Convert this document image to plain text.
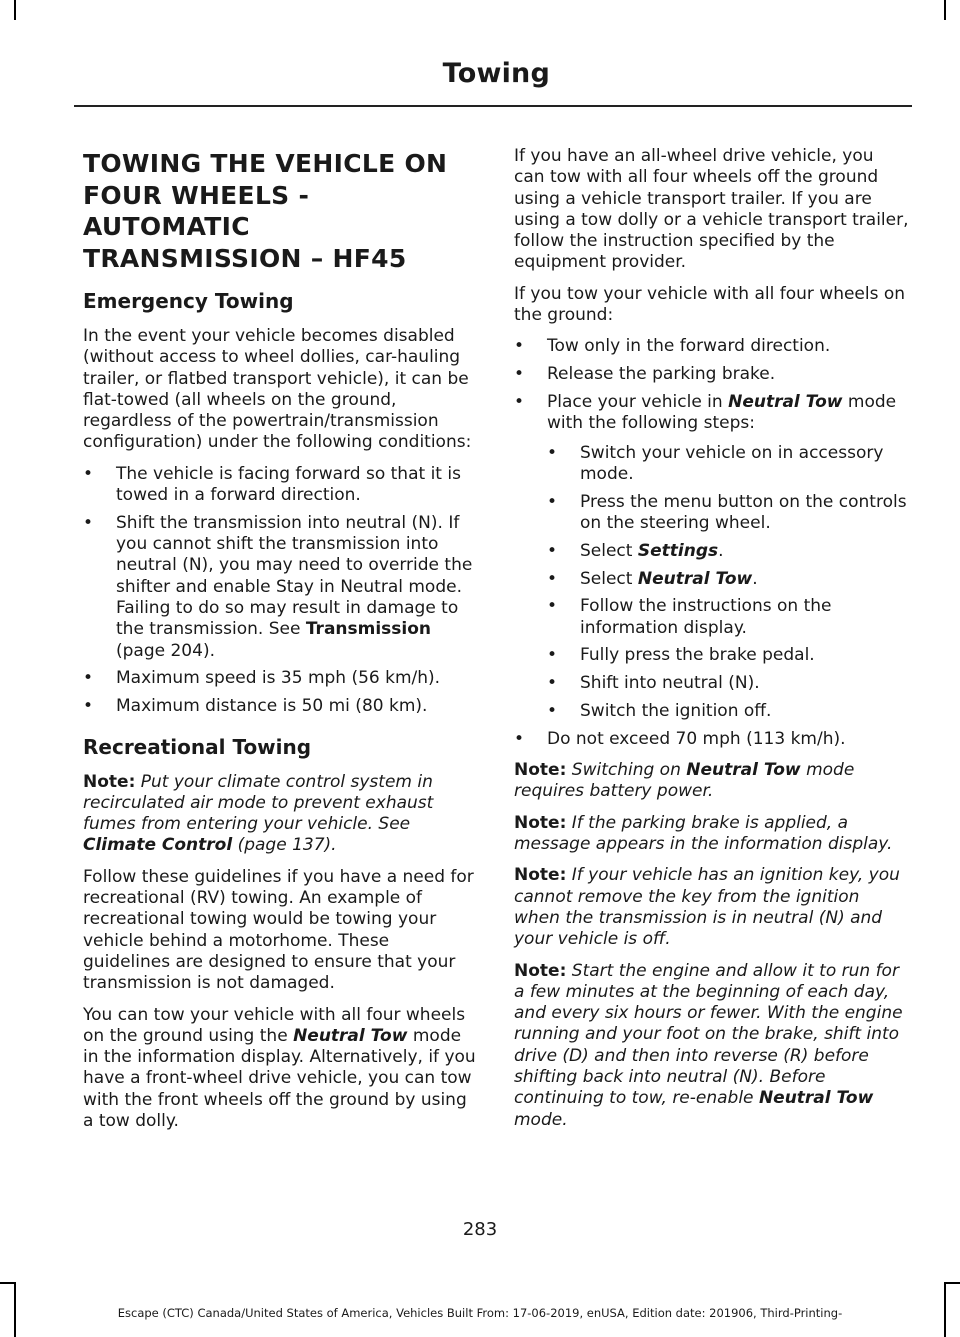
Towing
TOWING THE VEHICLE ON
FOUR WHEELS - AUTOMATIC
TRANSMISSION – HF45
Emergency Towing

In the event your vehicle becomes disabled (without access to wheel dollies, car-hauling trailer, or flatbed transport vehicle), it can be flat-towed (all wheels on the ground, regardless of the powertrain/transmission configuration) under the following conditions:

• The vehicle is facing forward so that it is towed in a forward direction.
• Shift the transmission into neutral (N). If you cannot shift the transmission into neutral (N), you may need to override the shifter and enable Stay in Neutral mode. Failing to do so may result in damage to the transmission. See Transmission (page 204).
• Maximum speed is 35 mph (56 km/h).
• Maximum distance is 50 mi (80 km).
Recreational Towing

Note: Put your climate control system in recirculated air mode to prevent exhaust fumes from entering your vehicle. See Climate Control (page 137).

Follow these guidelines if you have a need for recreational (RV) towing. An example of recreational towing would be towing your vehicle behind a motorhome. These guidelines are designed to ensure that your transmission is not damaged.

You can tow your vehicle with all four wheels on the ground using the Neutral Tow mode in the information display. Alternatively, if you have a front-wheel drive vehicle, you can tow with the front wheels off the ground by using a tow dolly.

If you have an all-wheel drive vehicle, you can tow with all four wheels off the ground using a vehicle transport trailer. If you are using a tow dolly or a vehicle transport trailer, follow the instruction specified by the equipment provider.

If you tow your vehicle with all four wheels on the ground:

• Tow only in the forward direction.
• Release the parking brake.
• Place your vehicle in Neutral Tow mode with the following steps:
• Switch your vehicle on in accessory mode.
• Press the menu button on the controls on the steering wheel.
• Select Settings.
• Select Neutral Tow.
• Follow the instructions on the information display.
• Fully press the brake pedal.
• Shift into neutral (N).
• Switch the ignition off.
• Do not exceed 70 mph (113 km/h).

Note: Switching on Neutral Tow mode requires battery power.

Note: If the parking brake is applied, a message appears in the information display.

Note: If your vehicle has an ignition key, you cannot remove the key from the ignition when the transmission is in neutral (N) and your vehicle is off.

Note: Start the engine and allow it to run for a few minutes at the beginning of each day, and every six hours or fewer. With the engine running and your foot on the brake, shift into drive (D) and then into reverse (R) before shifting back into neutral (N). Before continuing to tow, re-enable Neutral Tow mode.

283
Escape (CTC) Canada/United States of America, Vehicles Built From: 17-06-2019, enUSA, Edition date: 201906, Third-Printing-
